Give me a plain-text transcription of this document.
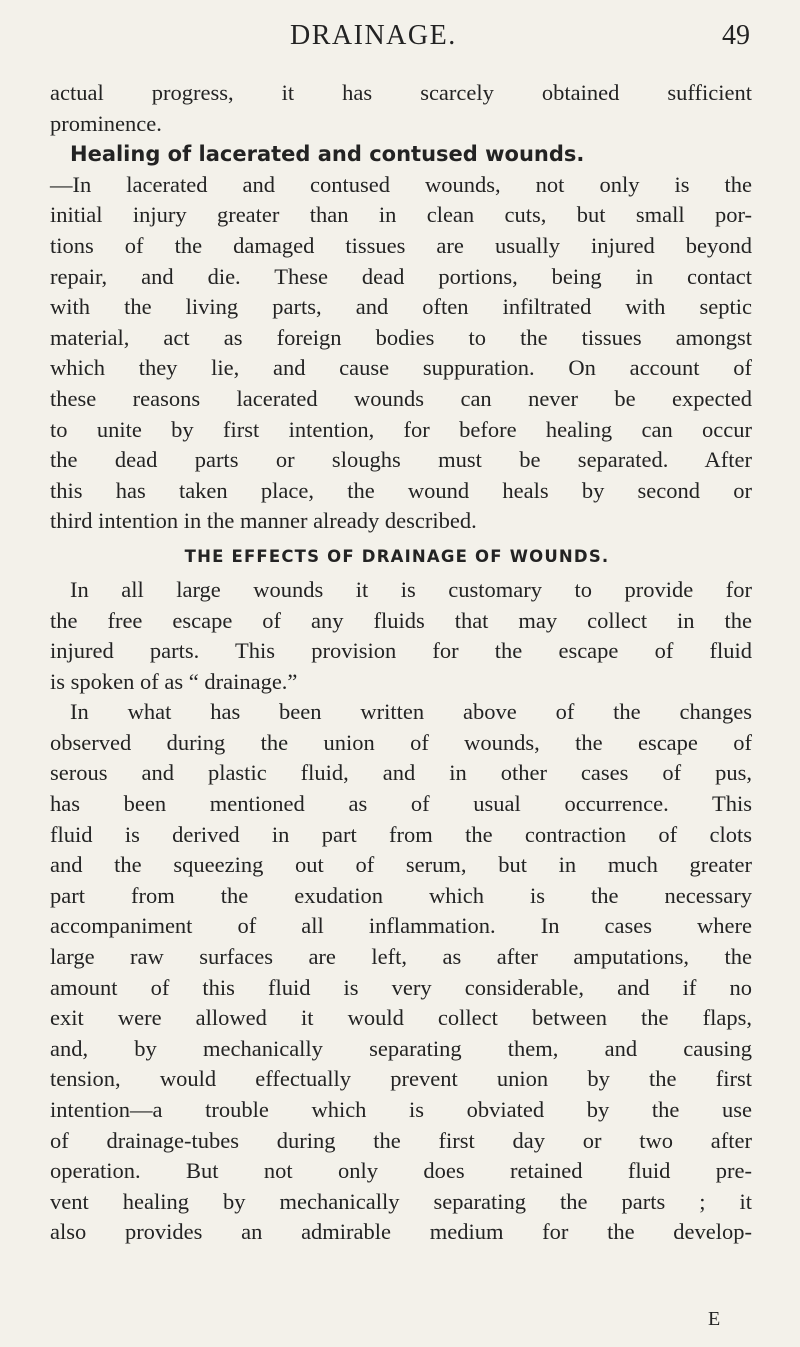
DRAINAGE.	49
actual progress, it has scarcely obtained sufficient
prominence.
Healing of lacerated and contused wounds.
—In lacerated and contused wounds, not only is the
initial injury greater than in clean cuts, but small por-
tions of the damaged tissues are usually injured beyond
repair, and die. These dead portions, being in contact
with the living parts, and often infiltrated with septic
material, act as foreign bodies to the tissues amongst
which they lie, and cause suppuration. On account of
these reasons lacerated wounds can never be expected
to unite by first intention, for before healing can occur
the dead parts or sloughs must be separated. After
this has taken place, the wound heals by second or
third intention in the manner already described.
THE EFFECTS OF DRAINAGE OF WOUNDS.
In all large wounds it is customary to provide for
the free escape of any fluids that may collect in the
injured parts. This provision for the escape of fluid
is spoken of as “ drainage.”
In what has been written above of the changes
observed during the union of wounds, the escape of
serous and plastic fluid, and in other cases of pus,
has been mentioned as of usual occurrence. This
fluid is derived in part from the contraction of clots
and the squeezing out of serum, but in much greater
part from the exudation which is the necessary
accompaniment of all inflammation. In cases where
large raw surfaces are left, as after amputations, the
amount of this fluid is very considerable, and if no
exit were allowed it would collect between the flaps,
and, by mechanically separating them, and causing
tension, would effectually prevent union by the first
intention—a trouble which is obviated by the use
of drainage-tubes during the first day or two after
operation. But not only does retained fluid pre-
vent healing by mechanically separating the parts ; it
also provides an admirable medium for the develop-
E
